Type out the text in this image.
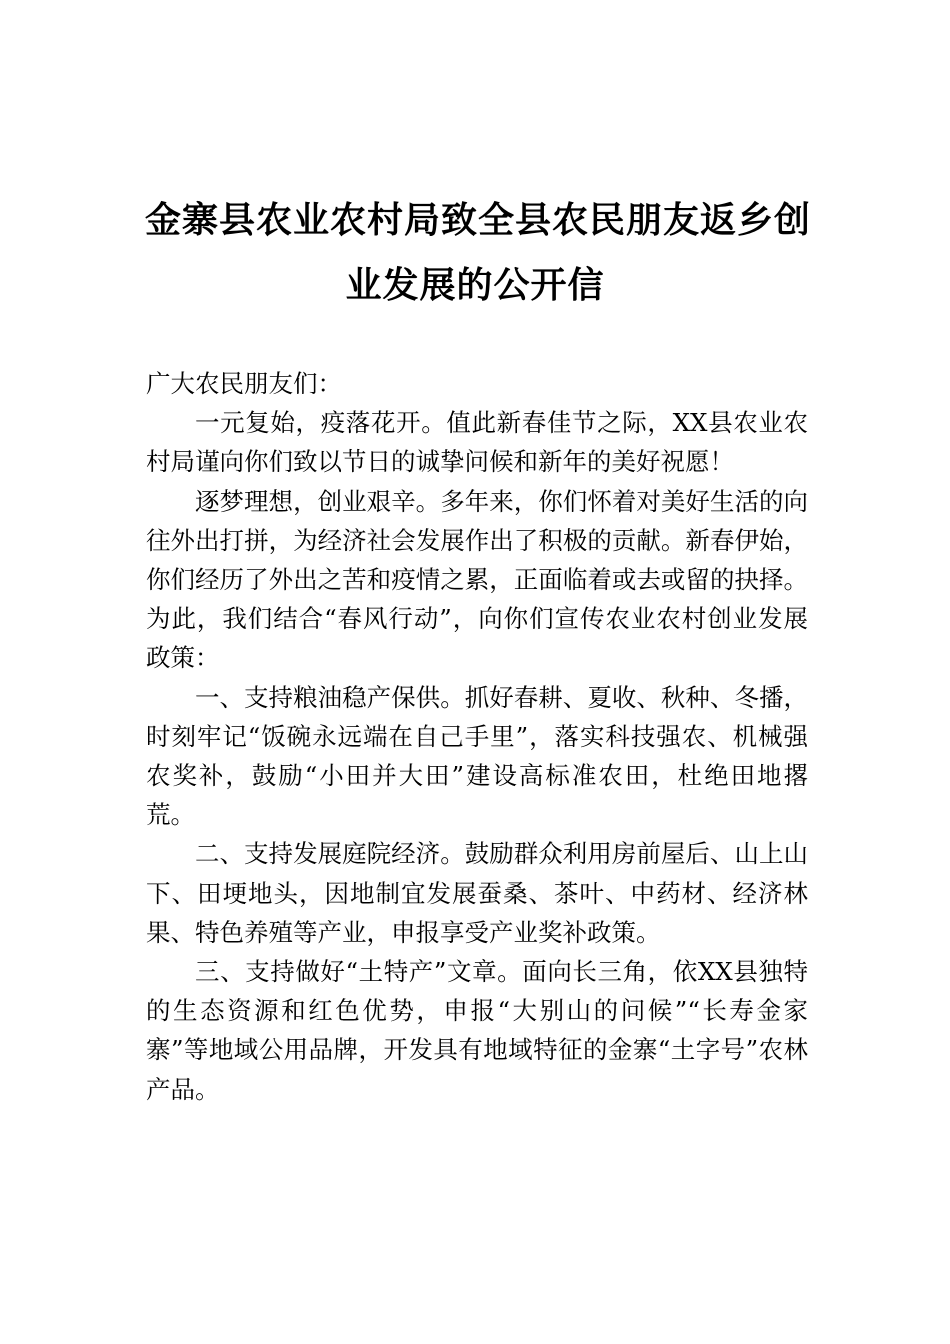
金寨县农业农村局致全县农民朋友返乡创
业发展的公开信

广大农民朋友们：

一元复始，疫落花开。值此新春佳节之际，XX县农业农村局谨向你们致以节日的诚挚问候和新年的美好祝愿！

逐梦理想，创业艰辛。多年来，你们怀着对美好生活的向往外出打拼，为经济社会发展作出了积极的贡献。新春伊始，你们经历了外出之苦和疫情之累，正面临着或去或留的抉择。为此，我们结合“春风行动”，向你们宣传农业农村创业发展政策：

一、支持粮油稳产保供。抓好春耕、夏收、秋种、冬播，时刻牢记“饭碗永远端在自己手里”，落实科技强农、机械强农奖补，鼓励“小田并大田”建设高标准农田，杜绝田地撂荒。

二、支持发展庭院经济。鼓励群众利用房前屋后、山上山下、田埂地头，因地制宜发展蚕桑、茶叶、中药材、经济林果、特色养殖等产业，申报享受产业奖补政策。

三、支持做好“土特产”文章。面向长三角，依XX县独特的生态资源和红色优势，申报“大别山的问候”“长寿金家寨”等地域公用品牌，开发具有地域特征的金寨“土字号”农林产品。
